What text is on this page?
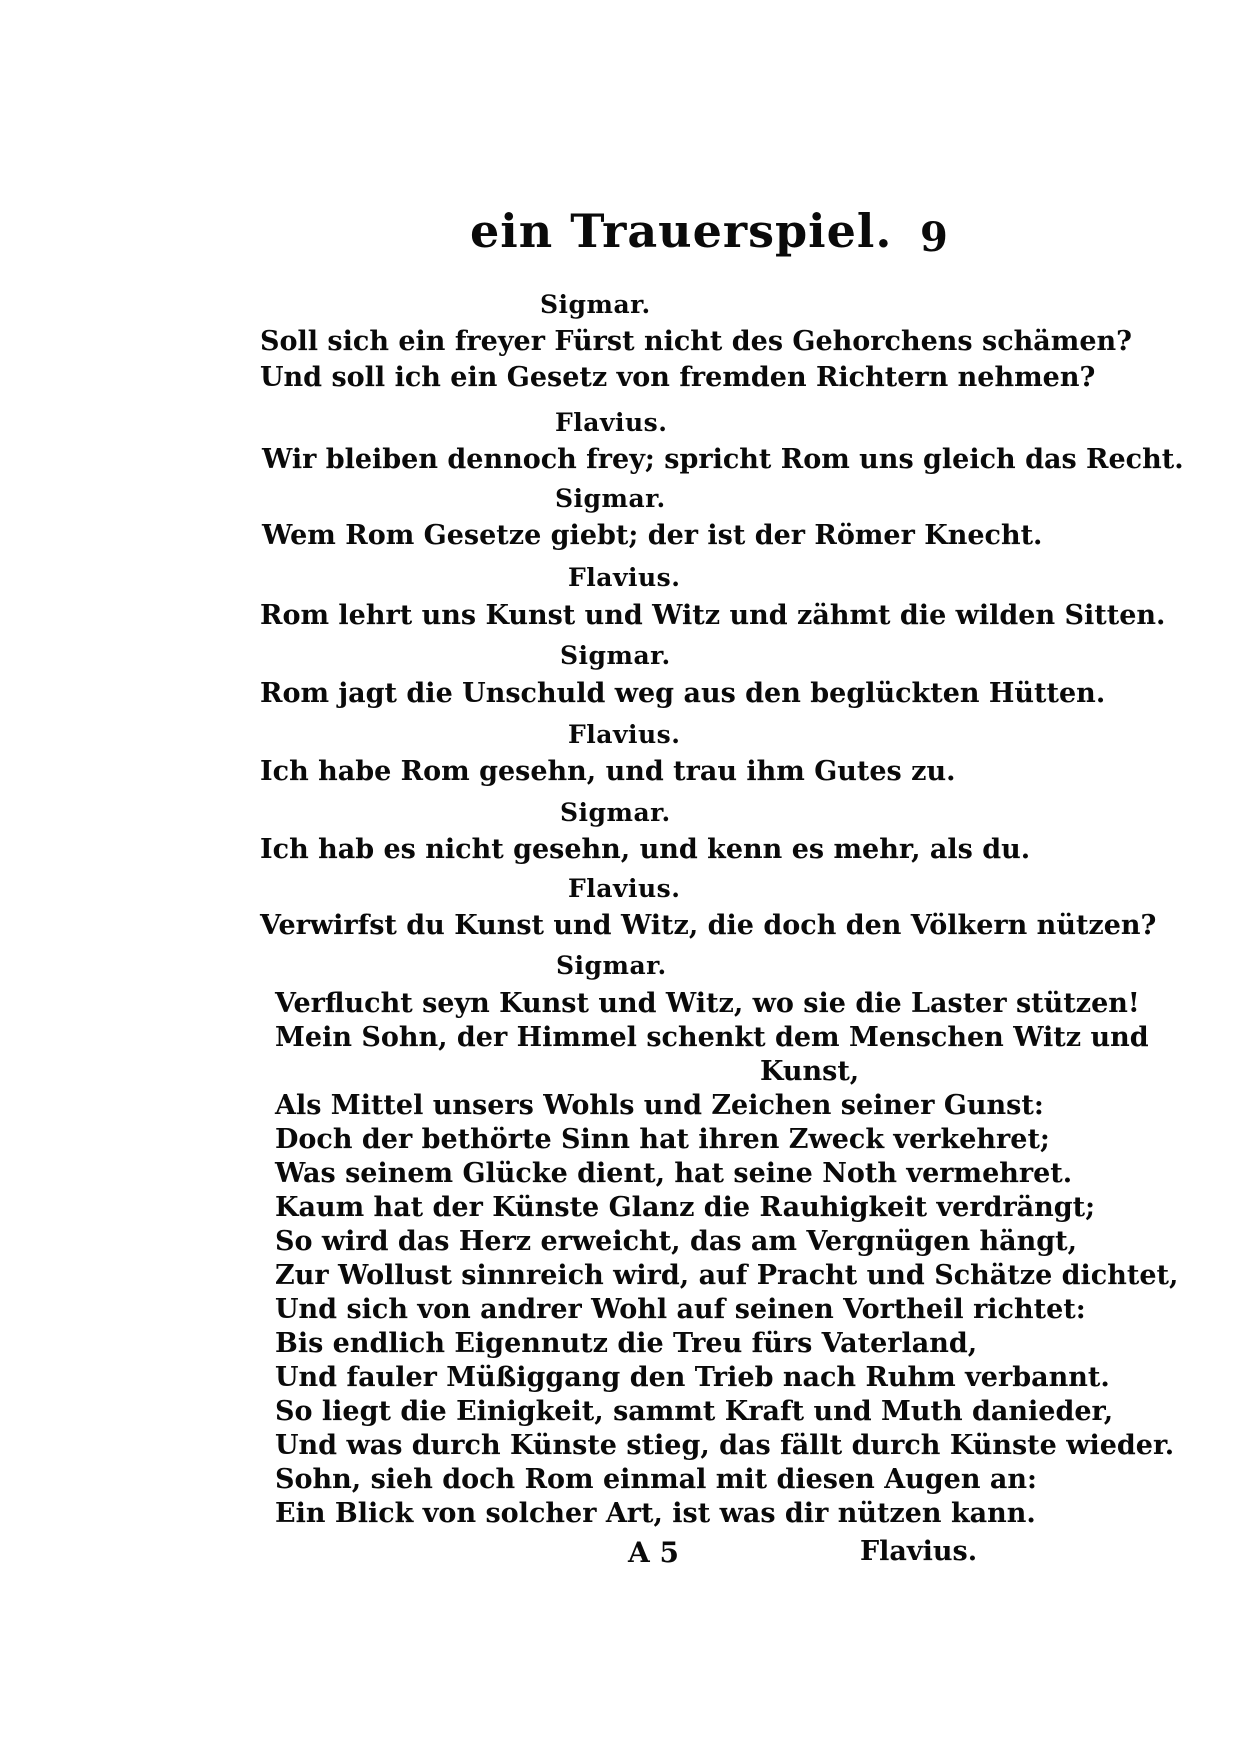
ein Trauerspiel. 9
Sigmar.
Soll sich ein freyer Fürst nicht des Gehorchens schämen?
Und soll ich ein Gesetz von fremden Richtern nehmen?
Flavius.
Wir bleiben dennoch frey; spricht Rom uns gleich das Recht.
Sigmar.
Wem Rom Gesetze giebt; der ist der Römer Knecht.
Flavius.
Rom lehrt uns Kunst und Witz und zähmt die wilden Sitten.
Sigmar.
Rom jagt die Unschuld weg aus den beglückten Hütten.
Flavius.
Ich habe Rom gesehn, und trau ihm Gutes zu.
Sigmar.
Ich hab es nicht gesehn, und kenn es mehr, als du.
Flavius.
Verwirfst du Kunst und Witz, die doch den Völkern nützen?
Sigmar.
Verflucht seyn Kunst und Witz, wo sie die Laster stützen!
Mein Sohn, der Himmel schenkt dem Menschen Witz und
Kunst,
Als Mittel unsers Wohls und Zeichen seiner Gunst:
Doch der bethörte Sinn hat ihren Zweck verkehret;
Was seinem Glücke dient, hat seine Noth vermehret.
Kaum hat der Künste Glanz die Rauhigkeit verdrängt;
So wird das Herz erweicht, das am Vergnügen hängt,
Zur Wollust sinnreich wird, auf Pracht und Schätze dichtet,
Und sich von andrer Wohl auf seinen Vortheil richtet:
Bis endlich Eigennutz die Treu fürs Vaterland,
Und fauler Müßiggang den Trieb nach Ruhm verbannt.
So liegt die Einigkeit, sammt Kraft und Muth danieder,
Und was durch Künste stieg, das fällt durch Künste wieder.
Sohn, sieh doch Rom einmal mit diesen Augen an:
Ein Blick von solcher Art, ist was dir nützen kann.
A 5	Flavius.
